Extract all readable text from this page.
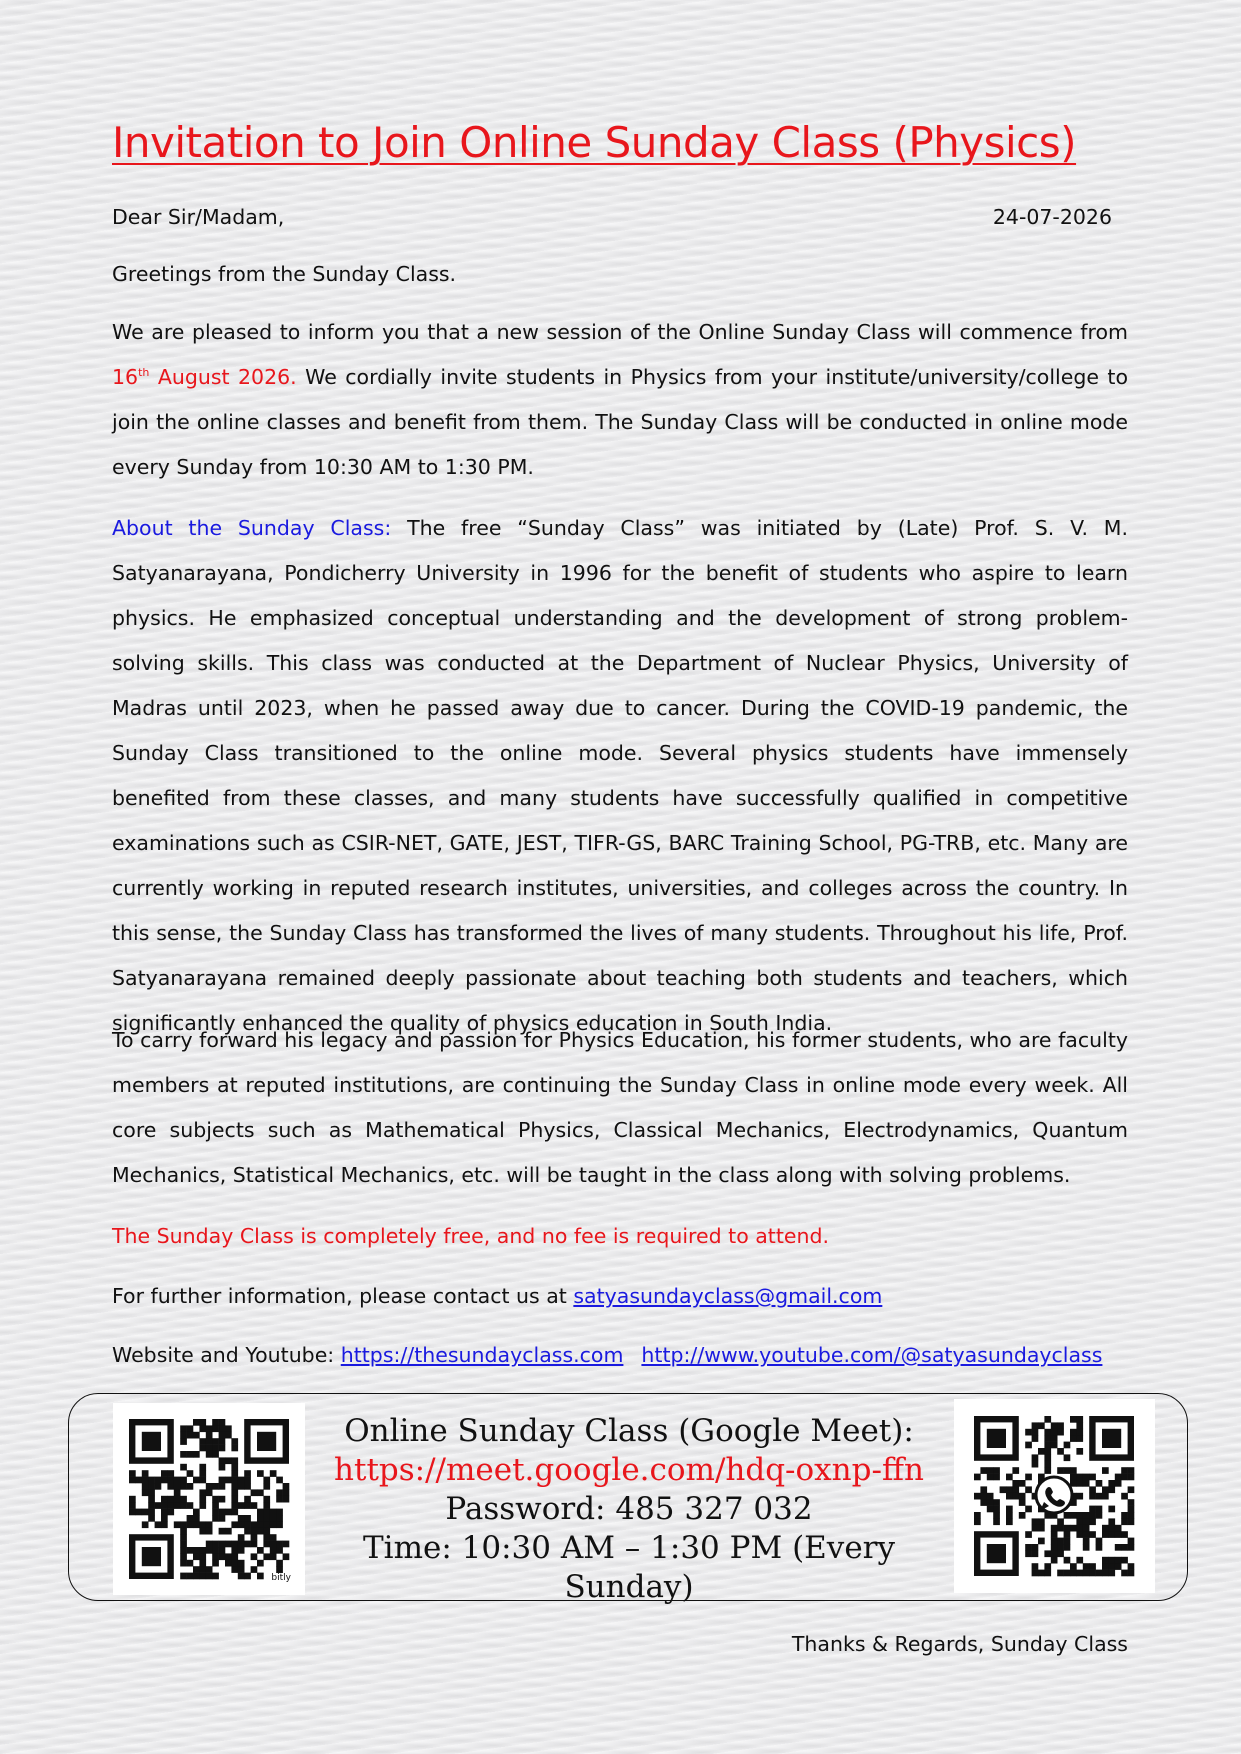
Invitation to Join Online Sunday Class (Physics)
Dear Sir/Madam,	24-07-2026

Greetings from the Sunday Class.

We are pleased to inform you that a new session of the Online Sunday Class will commence from 16th August 2026. We cordially invite students in Physics from your institute/university/college to join the online classes and benefit from them. The Sunday Class will be conducted in online mode every Sunday from 10:30 AM to 1:30 PM.

About the Sunday Class: The free “Sunday Class” was initiated by (Late) Prof. S. V. M. Satyanarayana, Pondicherry University in 1996 for the benefit of students who aspire to learn physics. He emphasized conceptual understanding and the development of strong problem-solving skills. This class was conducted at the Department of Nuclear Physics, University of Madras until 2023, when he passed away due to cancer. During the COVID-19 pandemic, the Sunday Class transitioned to the online mode. Several physics students have immensely benefited from these classes, and many students have successfully qualified in competitive examinations such as CSIR-NET, GATE, JEST, TIFR-GS, BARC Training School, PG-TRB, etc. Many are currently working in reputed research institutes, universities, and colleges across the country. In this sense, the Sunday Class has transformed the lives of many students. Throughout his life, Prof. Satyanarayana remained deeply passionate about teaching both students and teachers, which significantly enhanced the quality of physics education in South India.

To carry forward his legacy and passion for Physics Education, his former students, who are faculty members at reputed institutions, are continuing the Sunday Class in online mode every week. All core subjects such as Mathematical Physics, Classical Mechanics, Electrodynamics, Quantum Mechanics, Statistical Mechanics, etc. will be taught in the class along with solving problems.

The Sunday Class is completely free, and no fee is required to attend.

For further information, please contact us at satyasundayclass@gmail.com

Website and Youtube: https://thesundayclass.com http://www.youtube.com/@satyasundayclass

bitly
Online Sunday Class (Google Meet):
https://meet.google.com/hdq-oxnp-ffn
Password: 485 327 032
Time: 10:30 AM – 1:30 PM (Every Sunday)
Thanks & Regards, Sunday Class
